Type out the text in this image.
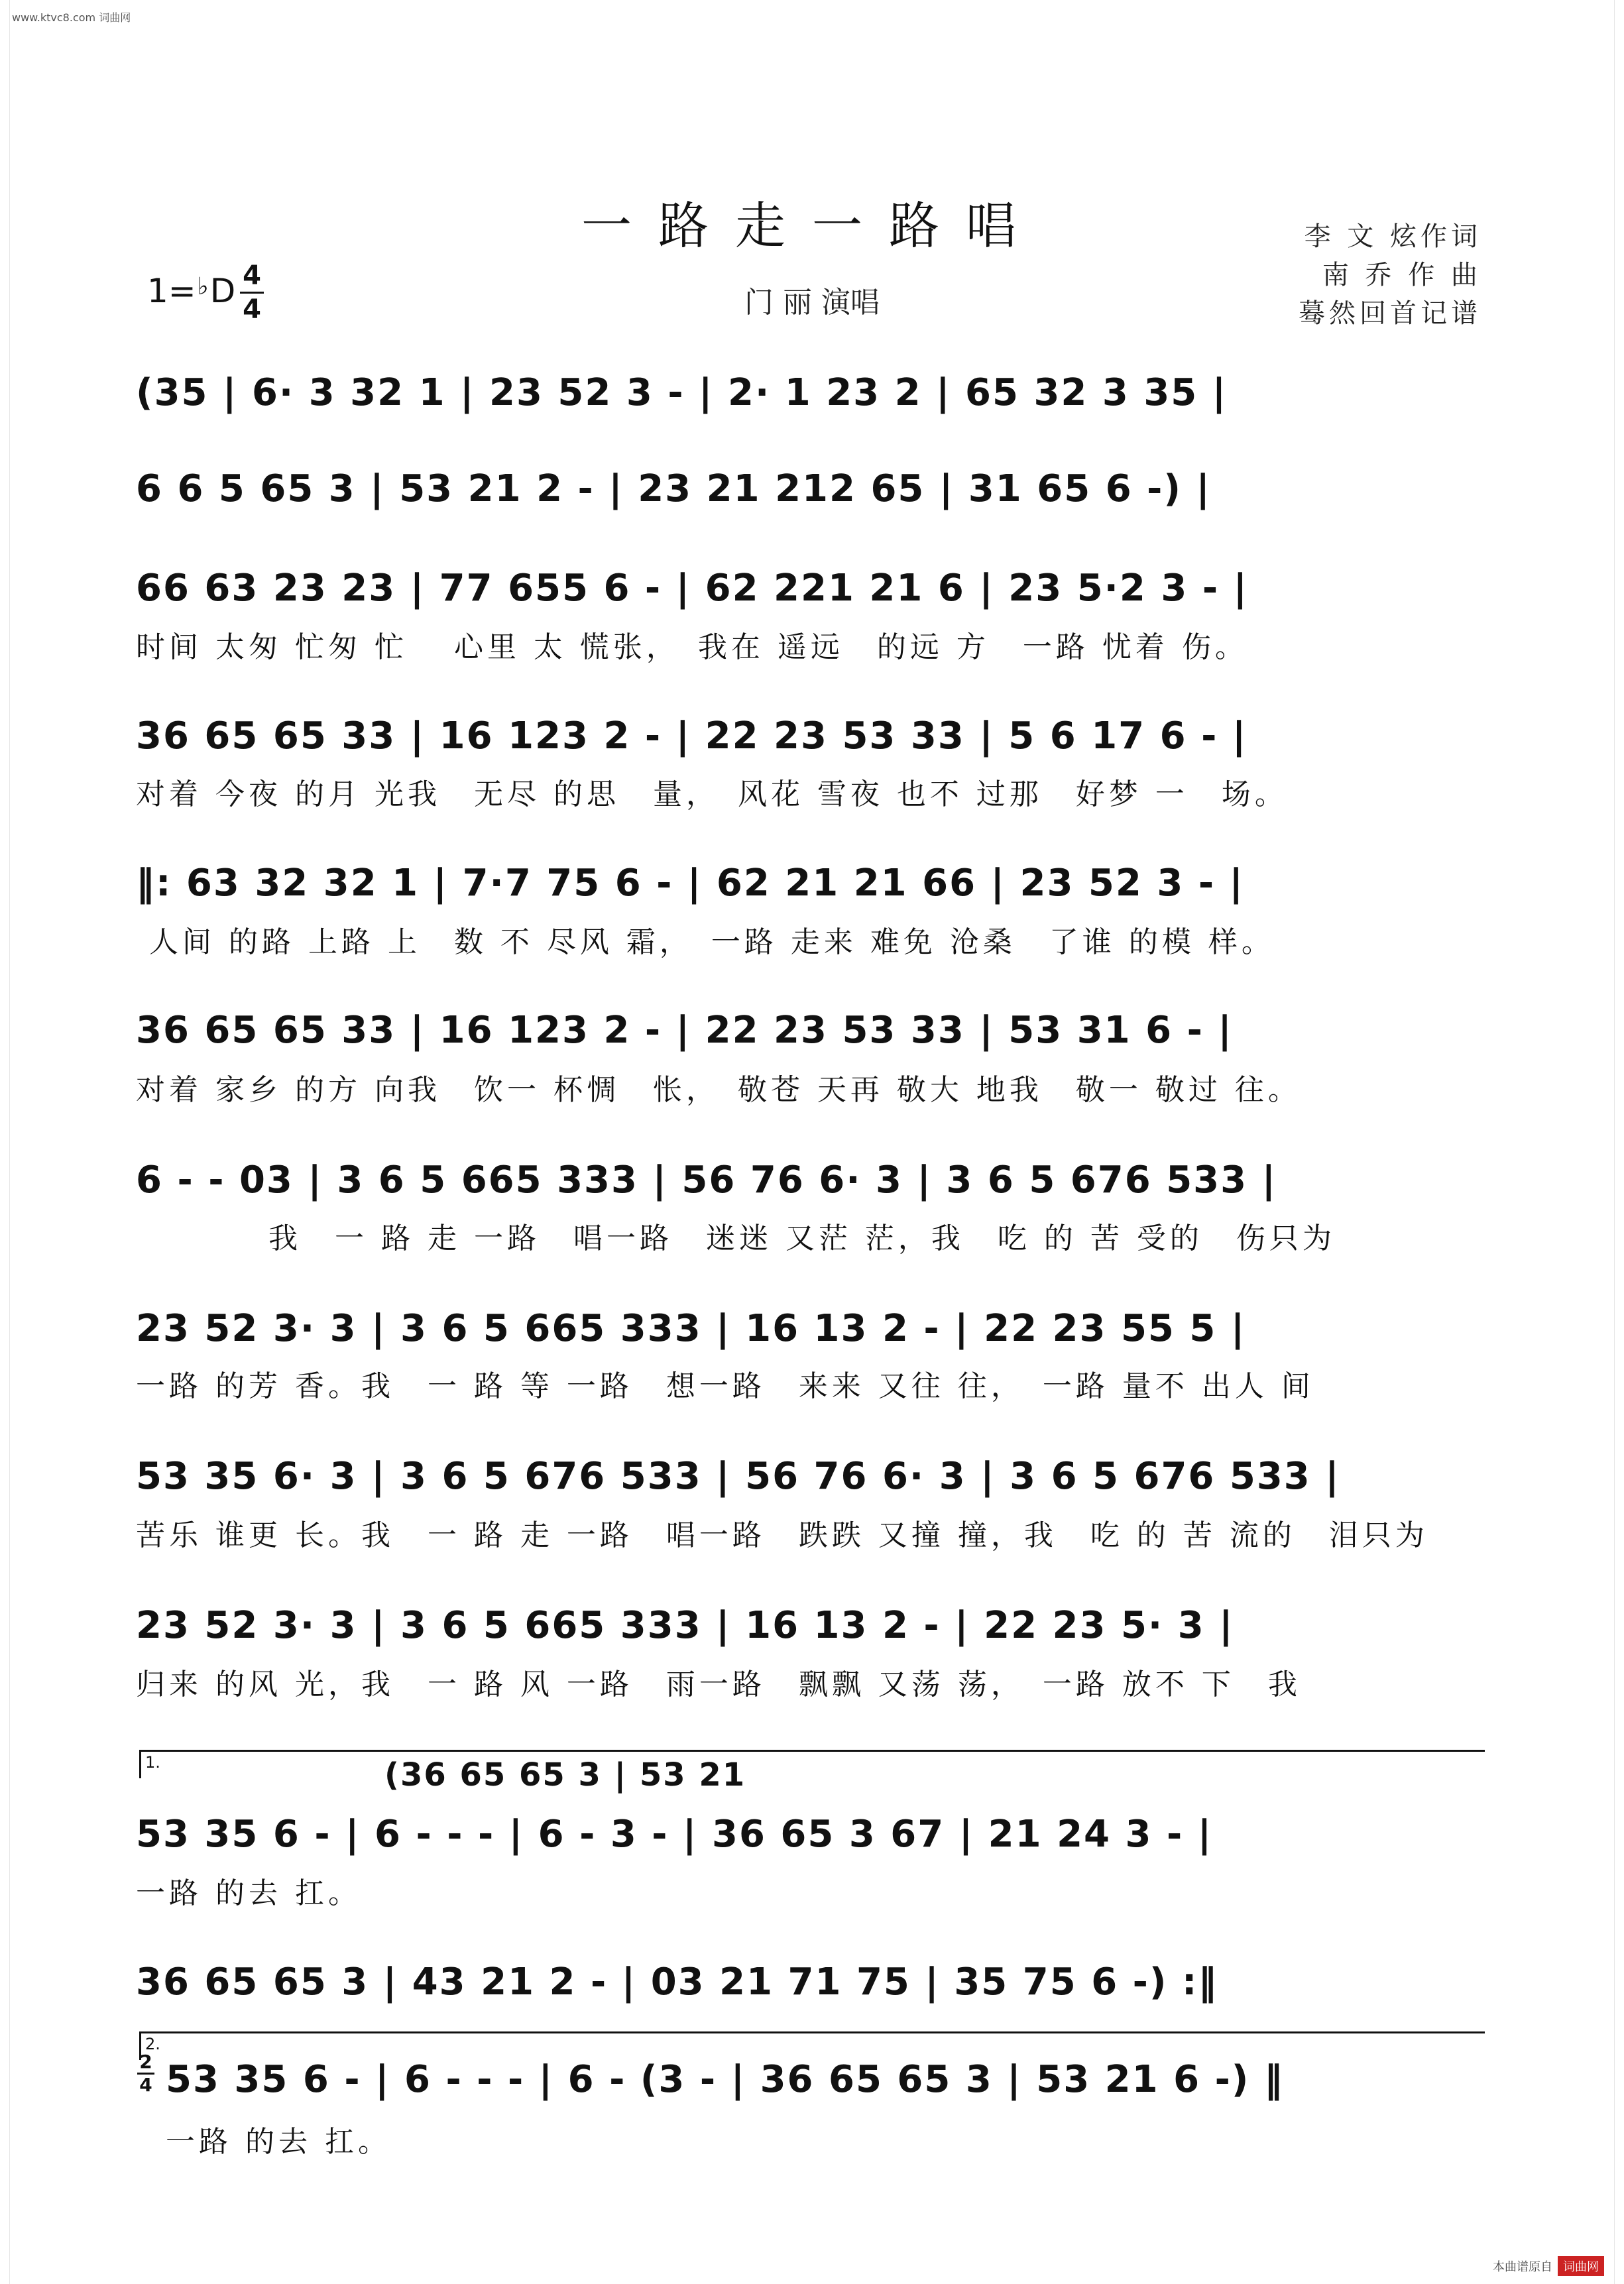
www.ktvc8.com 词曲网
一路走一路唱
门 丽 演唱
李 文 炫作词
南 乔 作 曲
蓦然回首记谱
1=♭D 4
4
(35 | 6· 3 32 1 | 23 52 3 - | 2· 1 23 2 | 65 32 3 35 |
6 6 5 65 3 | 53 21 2 - | 23 21 212 65 | 31 65 6 -) |
66 63 23 23 | 77 655 6 - | 62 221 21 6 | 23 5·2 3 - |
时间 太匆 忙匆 忙　 心里 太 慌张，　我在 遥远　的远 方　一路 忧着 伤。
36 65 65 33 | 16 123 2 - | 22 23 53 33 | 5 6 17 6 - |
对着 今夜 的月 光我　无尽 的思　量，　风花 雪夜 也不 过那　好梦 一　场。
‖: 63 32 32 1 | 7·7 75 6 - | 62 21 21 66 | 23 52 3 - |
人间 的路 上路 上　数 不 尽风 霜，　一路 走来 难免 沧桑　了谁 的模 样。
36 65 65 33 | 16 123 2 - | 22 23 53 33 | 53 31 6 - |
对着 家乡 的方 向我　饮一 杯惆　怅，　敬苍 天再 敬大 地我　敬一 敬过 往。
6 - - 03 | 3 6 5 665 333 | 56 76 6· 3 | 3 6 5 676 533 |
　　　　我　一 路 走 一路　唱一路　迷迷 又茫 茫，我　吃 的 苦 受的　伤只为
23 52 3· 3 | 3 6 5 665 333 | 16 13 2 - | 22 23 55 5 |
一路 的芳 香。我　一 路 等 一路　想一路　来来 又往 往，　一路 量不 出人 间
53 35 6· 3 | 3 6 5 676 533 | 56 76 6· 3 | 3 6 5 676 533 |
苦乐 谁更 长。我　一 路 走 一路　唱一路　跌跌 又撞 撞，我　吃 的 苦 流的　泪只为
23 52 3· 3 | 3 6 5 665 333 | 16 13 2 - | 22 23 5· 3 |
归来 的风 光，我　一 路 风 一路　雨一路　飘飘 又荡 荡，　一路 放不 下　我
1.	(36 65 65 3 | 53 21
53 35 6 - | 6 - - - | 6 - 3 - | 36 65 3 67 | 21 24 3 - |
一路 的去 扛。
36 65 65 3 | 43 21 2 - | 03 21 71 75 | 35 75 6 -) :‖
2.
2
4 53 35 6 - | 6 - - - | 6 - (3 - | 36 65 65 3 | 53 21 6 -) ‖
一路 的去 扛。
本曲谱原自 词曲网
